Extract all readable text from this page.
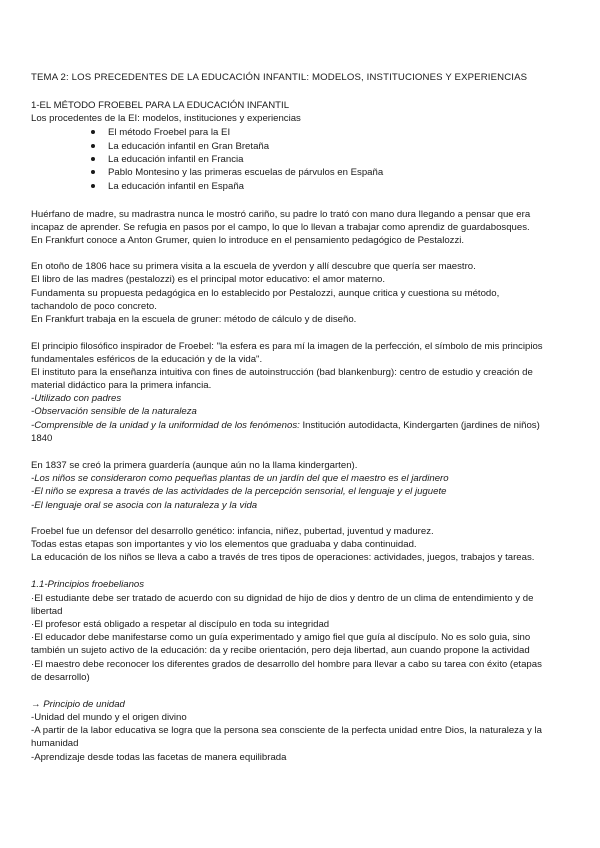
TEMA 2: LOS PRECEDENTES DE LA EDUCACIÓN INFANTIL: MODELOS, INSTITUCIONES Y EXPERIENCIAS
1-EL MÉTODO FROEBEL PARA LA EDUCACIÓN INFANTIL
Los procedentes de la EI: modelos, instituciones y experiencias
El método Froebel para la EI
La educación infantil en Gran Bretaña
La educación infantil en Francia
Pablo Montesino y las primeras escuelas de párvulos en España
La educación infantil en España
Huérfano de madre, su madrastra nunca le mostró cariño, su padre lo trató con mano dura llegando a pensar que era
incapaz de aprender. Se refugia en pasos por el campo, lo que lo llevan a trabajar como aprendiz de guardabosques.
En Frankfurt conoce a Anton Grumer, quien lo introduce en el pensamiento pedagógico de Pestalozzi.
En otoño de 1806 hace su primera visita a la escuela de yverdon y allí descubre que quería ser maestro.
El libro de las madres (pestalozzi) es el principal motor educativo: el amor materno.
Fundamenta su propuesta pedagógica en lo establecido por Pestalozzi, aunque critica y cuestiona su método,
tachandolo de poco concreto.
En Frankfurt trabaja en la escuela de gruner: método de cálculo y de diseño.
El principio filosófico inspirador de Froebel: "la esfera es para mí la imagen de la perfección, el símbolo de mis principios
fundamentales esféricos de la educación y de la vida".
El instituto para la enseñanza intuitiva con fines de autoinstrucción (bad blankenburg): centro de estudio y creación de
material didáctico para la primera infancia.
-Utilizado con padres
-Observación sensible de la naturaleza
-Comprensible de la unidad y la uniformidad de los fenómenos: Institución autodidacta, Kindergarten (jardines de niños)
1840
En 1837 se creó la primera guardería (aunque aún no la llama kindergarten).
-Los niños se consideraron como pequeñas plantas de un jardín del que el maestro es el jardinero
-El niño se expresa a través de las actividades de la percepción sensorial, el lenguaje y el juguete
-El lenguaje oral se asocia con la naturaleza y la vida
Froebel fue un defensor del desarrollo genético: infancia, niñez, pubertad, juventud y madurez.
Todas estas etapas son importantes y vio los elementos que graduaba y daba continuidad.
La educación de los niños se lleva a cabo a través de tres tipos de operaciones: actividades, juegos, trabajos y tareas.
1.1-Principios froebelianos
·El estudiante debe ser tratado de acuerdo con su dignidad de hijo de dios y dentro de un clima de entendimiento y de
libertad
·El profesor está obligado a respetar al discípulo en toda su integridad
·El educador debe manifestarse como un guía experimentado y amigo fiel que guía al discípulo. No es solo guia, sino
también un sujeto activo de la educación: da y recibe orientación, pero deja libertad, aun cuando propone la actividad
·El maestro debe reconocer los diferentes grados de desarrollo del hombre para llevar a cabo su tarea con éxito (etapas
de desarrollo)
→ Principio de unidad
-Unidad del mundo y el origen divino
-A partir de la labor educativa se logra que la persona sea consciente de la perfecta unidad entre Dios, la naturaleza y la
humanidad
-Aprendizaje desde todas las facetas de manera equilibrada
